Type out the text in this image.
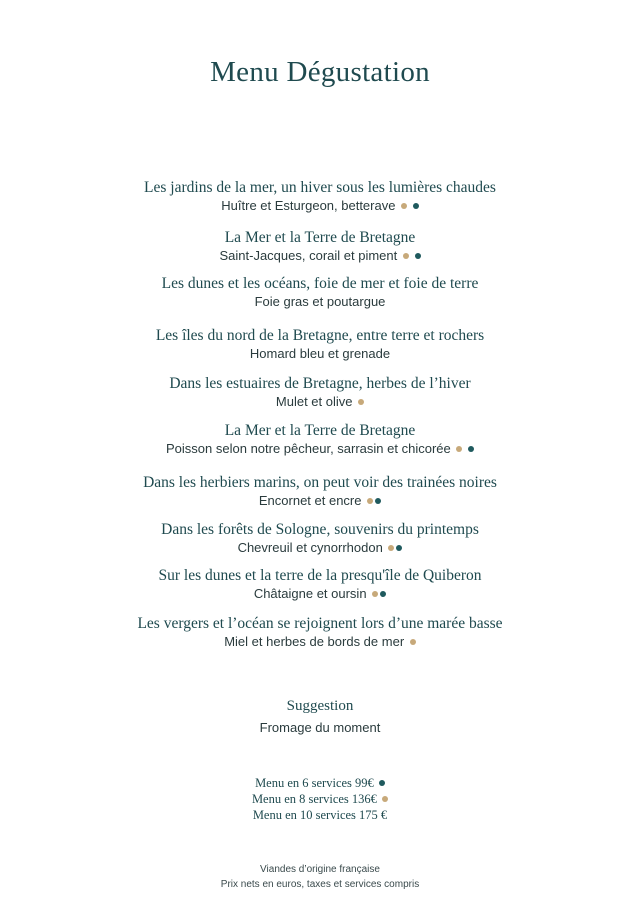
Menu Dégustation
Les jardins de la mer, un hiver sous les lumières chaudes
Huître et Esturgeon, betterave
La Mer et la Terre de Bretagne
Saint-Jacques, corail et piment
Les dunes et les océans, foie de mer et foie de terre
Foie gras et poutargue
Les îles du nord de la Bretagne, entre terre et rochers
Homard bleu et grenade
Dans les estuaires de Bretagne, herbes de l’hiver
Mulet et olive
La Mer et la Terre de Bretagne
Poisson selon notre pêcheur, sarrasin et chicorée
Dans les herbiers marins, on peut voir des trainées noires
Encornet et encre
Dans les forêts de Sologne, souvenirs du printemps
Chevreuil et cynorrhodon
Sur les dunes et la terre de la presqu'île de Quiberon
Châtaigne et oursin
Les vergers et l’océan se rejoignent lors d’une marée basse
Miel et herbes de bords de mer
Suggestion
Fromage du moment
Menu en 6 services 99€
Menu en 8 services 136€
Menu en 10 services 175 €
Viandes d’origine française
Prix nets en euros, taxes et services compris
